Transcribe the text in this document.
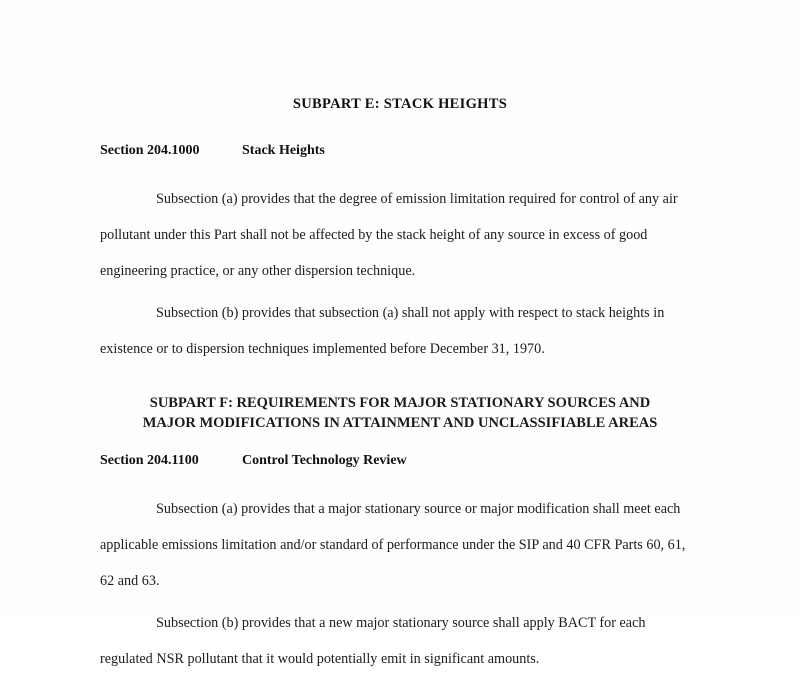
SUBPART E: STACK HEIGHTS
Section 204.1000	Stack Heights
Subsection (a) provides that the degree of emission limitation required for control of any air pollutant under this Part shall not be affected by the stack height of any source in excess of good engineering practice, or any other dispersion technique.
Subsection (b) provides that subsection (a) shall not apply with respect to stack heights in existence or to dispersion techniques implemented before December 31, 1970.
SUBPART F: REQUIREMENTS FOR MAJOR STATIONARY SOURCES AND
MAJOR MODIFICATIONS IN ATTAINMENT AND UNCLASSIFIABLE AREAS
Section 204.1100	Control Technology Review
Subsection (a) provides that a major stationary source or major modification shall meet each applicable emissions limitation and/or standard of performance under the SIP and 40 CFR Parts 60, 61, 62 and 63.
Subsection (b) provides that a new major stationary source shall apply BACT for each regulated NSR pollutant that it would potentially emit in significant amounts.
